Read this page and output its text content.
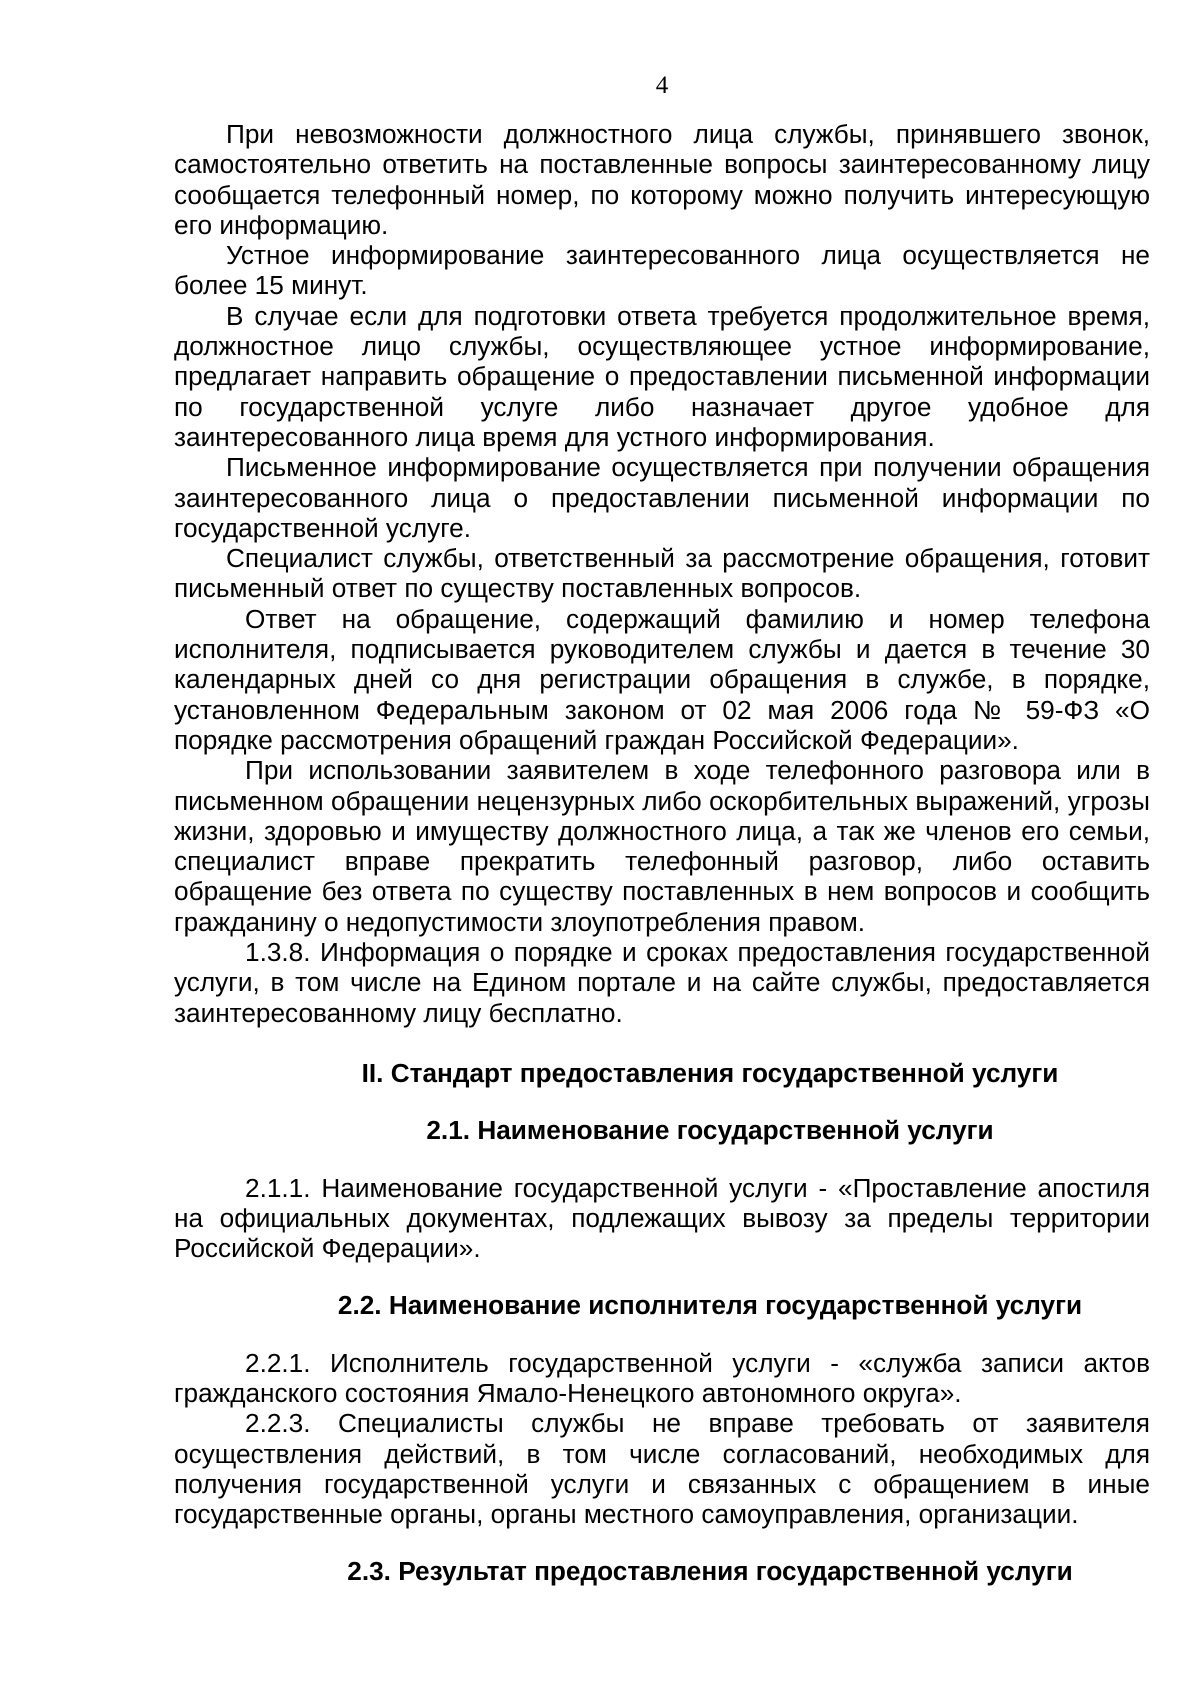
4

При невозможности должностного лица службы, принявшего звонок, самостоятельно ответить на поставленные вопросы заинтересованному лицу сообщается телефонный номер, по которому можно получить интересующую его информацию.

Устное информирование заинтересованного лица осуществляется не более 15 минут.

В случае если для подготовки ответа требуется продолжительное время, должностное лицо службы, осуществляющее устное информирование, предлагает направить обращение о предоставлении письменной информации по государственной услуге либо назначает другое удобное для заинтересованного лица время для устного информирования.

Письменное информирование осуществляется при получении обращения заинтересованного лица о предоставлении письменной информации по государственной услуге.

Специалист службы, ответственный за рассмотрение обращения, готовит письменный ответ по существу поставленных вопросов.

Ответ на обращение, содержащий фамилию и номер телефона исполнителя, подписывается руководителем службы и дается в течение 30 календарных дней со дня регистрации обращения в службе, в порядке, установленном Федеральным законом от 02 мая 2006 года № 59-ФЗ «О порядке рассмотрения обращений граждан Российской Федерации».

При использовании заявителем в ходе телефонного разговора или в письменном обращении нецензурных либо оскорбительных выражений, угрозы жизни, здоровью и имуществу должностного лица, а так же членов его семьи, специалист вправе прекратить телефонный разговор, либо оставить обращение без ответа по существу поставленных в нем вопросов и сообщить гражданину о недопустимости злоупотребления правом.

1.3.8. Информация о порядке и сроках предоставления государственной услуги, в том числе на Едином портале и на сайте службы, предоставляется заинтересованному лицу бесплатно.

II. Стандарт предоставления государственной услуги
2.1. Наименование государственной услуги

2.1.1. Наименование государственной услуги - «Проставление апостиля на официальных документах, подлежащих вывозу за пределы территории Российской Федерации».

2.2. Наименование исполнителя государственной услуги

2.2.1. Исполнитель государственной услуги - «служба записи актов гражданского состояния Ямало-Ненецкого автономного округа».

2.2.3. Специалисты службы не вправе требовать от заявителя осуществления действий, в том числе согласований, необходимых для получения государственной услуги и связанных с обращением в иные государственные органы, органы местного самоуправления, организации.

2.3. Результат предоставления государственной услуги
